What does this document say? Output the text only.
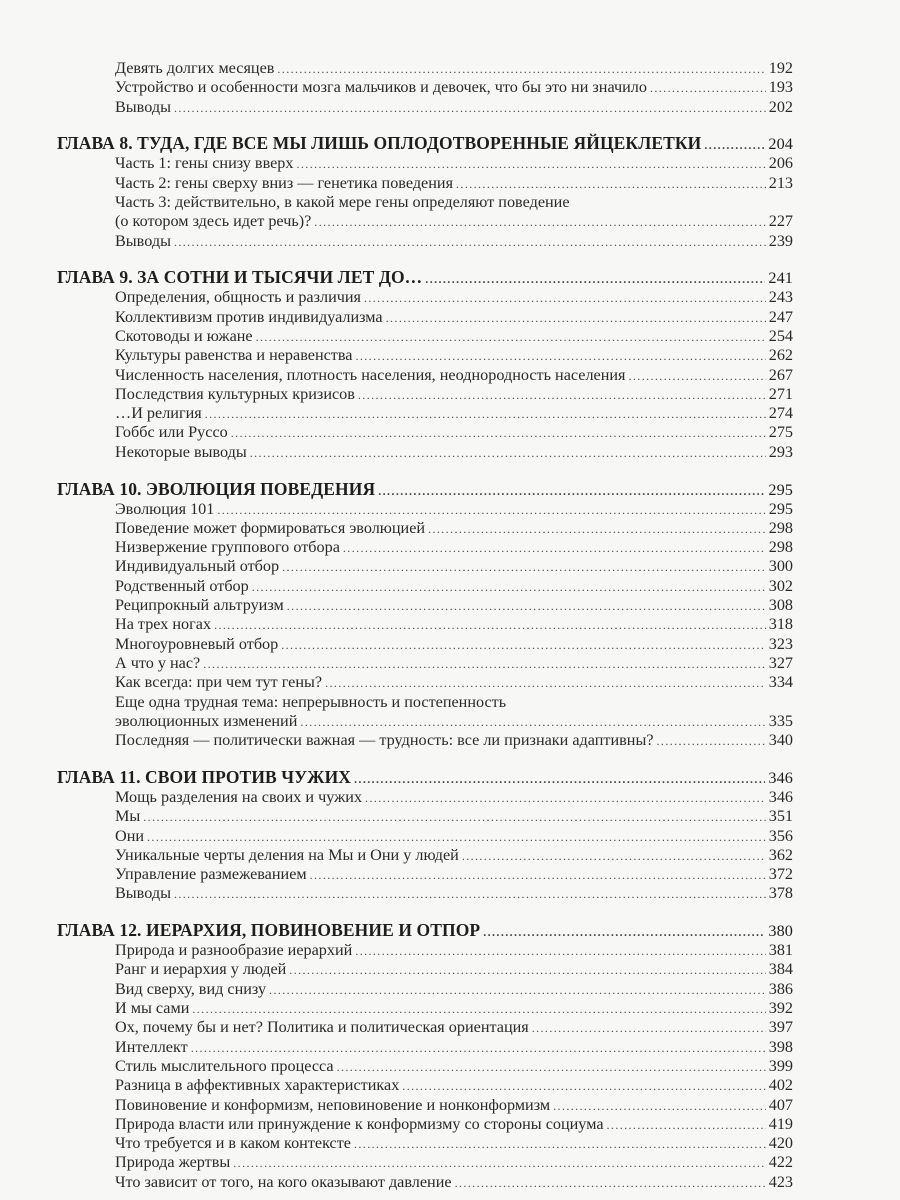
Девять долгих месяцев .....	192
Устройство и особенности мозга мальчиков и девочек, что бы это ни значило .....	193
Выводы .....	202
ГЛАВА 8. ТУДА, ГДЕ ВСЕ МЫ ЛИШЬ ОПЛОДОТВОРЕННЫЕ ЯЙЦЕКЛЕТКИ .....	204
Часть 1: гены снизу вверх .....	206
Часть 2: гены сверху вниз — генетика поведения .....	213
Часть 3: действительно, в какой мере гены определяют поведение
(о котором здесь идет речь)? .....	227
Выводы .....	239
ГЛАВА 9. ЗА СОТНИ И ТЫСЯЧИ ЛЕТ ДО… .....	241
Определения, общность и различия .....	243
Коллективизм против индивидуализма .....	247
Скотоводы и южане .....	254
Культуры равенства и неравенства .....	262
Численность населения, плотность населения, неоднородность населения .....	267
Последствия культурных кризисов .....	271
…И религия .....	274
Гоббс или Руссо .....	275
Некоторые выводы .....	293
ГЛАВА 10. ЭВОЛЮЦИЯ ПОВЕДЕНИЯ .....	295
Эволюция 101 .....	295
Поведение может формироваться эволюцией .....	298
Низвержение группового отбора .....	298
Индивидуальный отбор .....	300
Родственный отбор .....	302
Реципрокный альтруизм .....	308
На трех ногах .....	318
Многоуровневый отбор .....	323
А что у нас? .....	327
Как всегда: при чем тут гены? .....	334
Еще одна трудная тема: непрерывность и постепенность
эволюционных изменений .....	335
Последняя — политически важная — трудность: все ли признаки адаптивны? .....	340
ГЛАВА 11. СВОИ ПРОТИВ ЧУЖИХ .....	346
Мощь разделения на своих и чужих .....	346
Мы .....	351
Они .....	356
Уникальные черты деления на Мы и Они у людей .....	362
Управление размежеванием .....	372
Выводы .....	378
ГЛАВА 12. ИЕРАРХИЯ, ПОВИНОВЕНИЕ И ОТПОР .....	380
Природа и разнообразие иерархий .....	381
Ранг и иерархия у людей .....	384
Вид сверху, вид снизу .....	386
И мы сами .....	392
Ох, почему бы и нет? Политика и политическая ориентация .....	397
Интеллект .....	398
Стиль мыслительного процесса .....	399
Разница в аффективных характеристиках .....	402
Повиновение и конформизм, неповиновение и нонконформизм .....	407
Природа власти или принуждение к конформизму со стороны социума .....	419
Что требуется и в каком контексте .....	420
Природа жертвы .....	422
Что зависит от того, на кого оказывают давление .....	423
